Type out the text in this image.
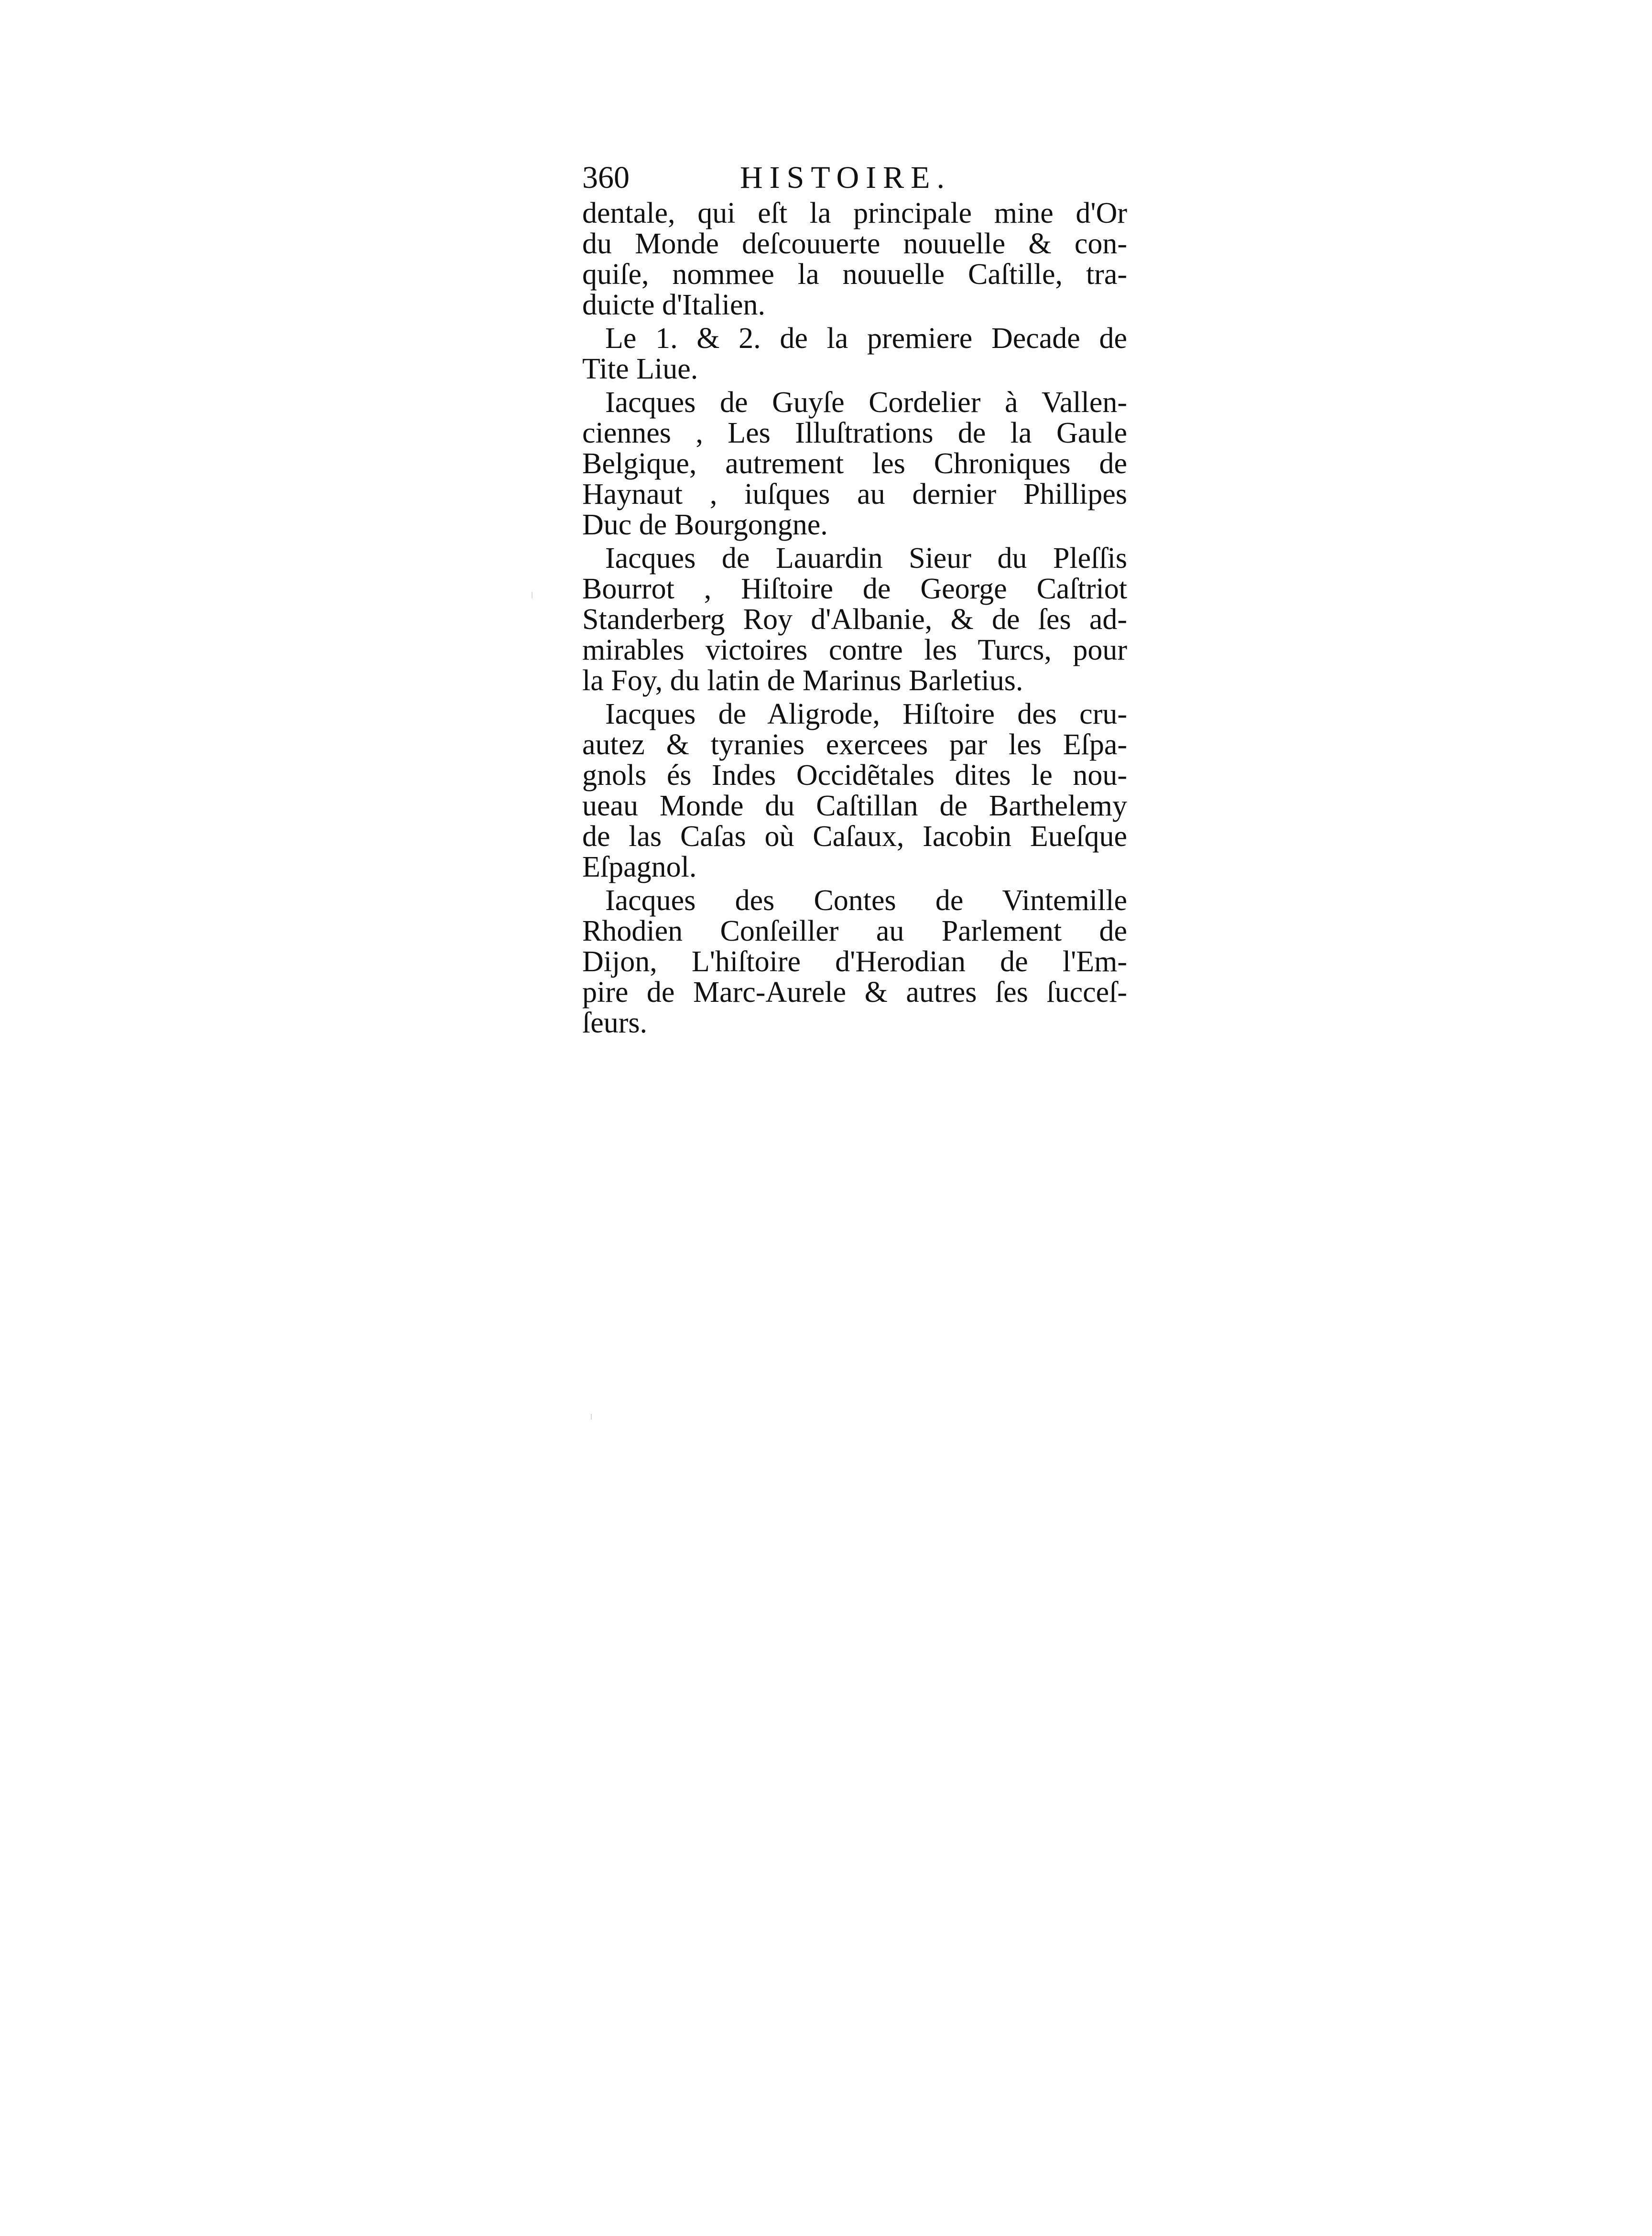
360	HISTOIRE.
dentale, qui eſt la principale mine d'Or
du Monde deſcouuerte nouuelle & con-
quiſe, nommee la nouuelle Caſtille, tra-
duicte d'Italien.
Le 1. & 2. de la premiere Decade de
Tite Liue.
Iacques de Guyſe Cordelier à Vallen-
ciennes , Les Illuſtrations de la Gaule
Belgique, autrement les Chroniques de
Haynaut , iuſques au dernier Phillipes
Duc de Bourgongne.
Iacques de Lauardin Sieur du Pleſſis
Bourrot , Hiſtoire de George Caſtriot
Standerberg Roy d'Albanie, & de ſes ad-
mirables victoires contre les Turcs, pour
la Foy, du latin de Marinus Barletius.
Iacques de Aligrode, Hiſtoire des cru-
autez & tyranies exercees par les Eſpa-
gnols és Indes Occidẽtales dites le nou-
ueau Monde du Caſtillan de Barthelemy
de las Caſas où Caſaux, Iacobin Eueſque
Eſpagnol.
Iacques des Contes de Vintemille
Rhodien Conſeiller au Parlement de
Dijon, L'hiſtoire d'Herodian de l'Em-
pire de Marc-Aurele & autres ſes ſucceſ-
ſeurs.
